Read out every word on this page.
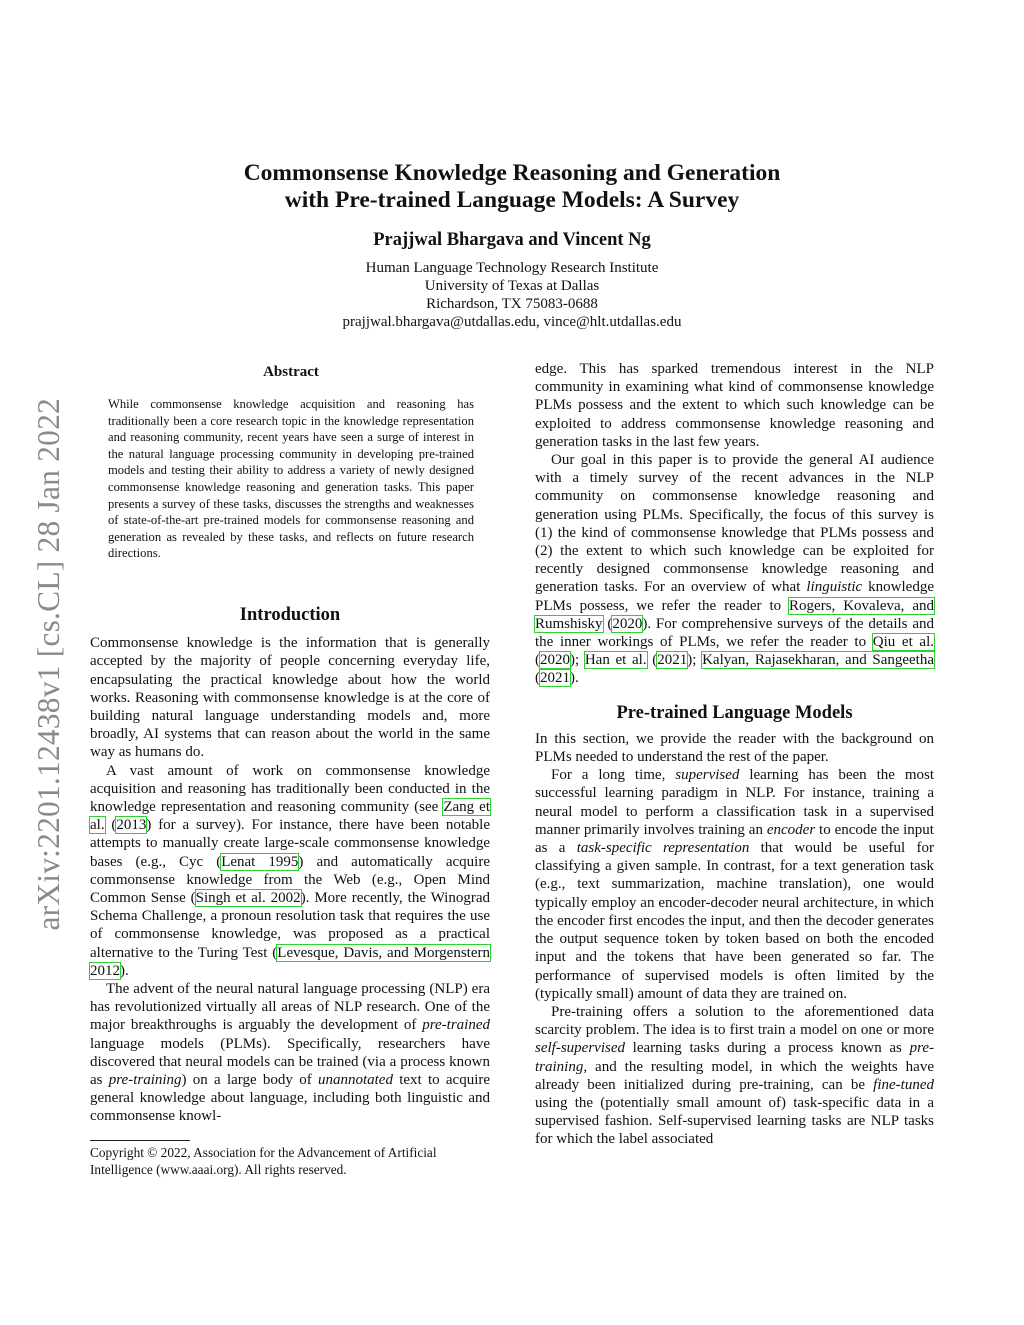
arXiv:2201.12438v1 [cs.CL] 28 Jan 2022
Commonsense Knowledge Reasoning and Generation
with Pre-trained Language Models: A Survey
Prajjwal Bhargava and Vincent Ng
Human Language Technology Research Institute
University of Texas at Dallas
Richardson, TX 75083-0688
prajjwal.bhargava@utdallas.edu, vince@hlt.utdallas.edu
Abstract
While commonsense knowledge acquisition and reasoning has traditionally been a core research topic in the knowledge representation and reasoning community, recent years have seen a surge of interest in the natural language processing community in developing pre-trained models and testing their ability to address a variety of newly designed commonsense knowledge reasoning and generation tasks. This paper presents a survey of these tasks, discusses the strengths and weaknesses of state-of-the-art pre-trained models for commonsense reasoning and generation as revealed by these tasks, and reflects on future research directions.
Introduction

Commonsense knowledge is the information that is generally accepted by the majority of people concerning everyday life, encapsulating the practical knowledge about how the world works. Reasoning with commonsense knowledge is at the core of building natural language understanding models and, more broadly, AI systems that can reason about the world in the same way as humans do.

A vast amount of work on commonsense knowledge acquisition and reasoning has traditionally been conducted in the knowledge representation and reasoning community (see Zang et al. (2013) for a survey). For instance, there have been notable attempts to manually create large-scale commonsense knowledge bases (e.g., Cyc (Lenat 1995) and automatically acquire commonsense knowledge from the Web (e.g., Open Mind Common Sense (Singh et al. 2002). More recently, the Winograd Schema Challenge, a pronoun resolution task that requires the use of commonsense knowledge, was proposed as a practical alternative to the Turing Test (Levesque, Davis, and Morgenstern 2012).

The advent of the neural natural language processing (NLP) era has revolutionized virtually all areas of NLP research. One of the major breakthroughs is arguably the development of pre-trained language models (PLMs). Specifically, researchers have discovered that neural models can be trained (via a process known as pre-training) on a large body of unannotated text to acquire general knowledge about language, including both linguistic and commonsense knowl-

Copyright © 2022, Association for the Advancement of Artificial Intelligence (www.aaai.org). All rights reserved.

edge. This has sparked tremendous interest in the NLP community in examining what kind of commonsense knowledge PLMs possess and the extent to which such knowledge can be exploited to address commonsense knowledge reasoning and generation tasks in the last few years.

Our goal in this paper is to provide the general AI audience with a timely survey of the recent advances in the NLP community on commonsense knowledge reasoning and generation using PLMs. Specifically, the focus of this survey is (1) the kind of commonsense knowledge that PLMs possess and (2) the extent to which such knowledge can be exploited for recently designed commonsense knowledge reasoning and generation tasks. For an overview of what linguistic knowledge PLMs possess, we refer the reader to Rogers, Kovaleva, and Rumshisky (2020). For comprehensive surveys of the details and the inner workings of PLMs, we refer the reader to Qiu et al. (2020); Han et al. (2021); Kalyan, Rajasekharan, and Sangeetha (2021).

Pre-trained Language Models

In this section, we provide the reader with the background on PLMs needed to understand the rest of the paper.

For a long time, supervised learning has been the most successful learning paradigm in NLP. For instance, training a neural model to perform a classification task in a supervised manner primarily involves training an encoder to encode the input as a task-specific representation that would be useful for classifying a given sample. In contrast, for a text generation task (e.g., text summarization, machine translation), one would typically employ an encoder-decoder neural architecture, in which the encoder first encodes the input, and then the decoder generates the output sequence token by token based on both the encoded input and the tokens that have been generated so far. The performance of supervised models is often limited by the (typically small) amount of data they are trained on.

Pre-training offers a solution to the aforementioned data scarcity problem. The idea is to first train a model on one or more self-supervised learning tasks during a process known as pre-training, and the resulting model, in which the weights have already been initialized during pre-training, can be fine-tuned using the (potentially small amount of) task-specific data in a supervised fashion. Self-supervised learning tasks are NLP tasks for which the label associated
